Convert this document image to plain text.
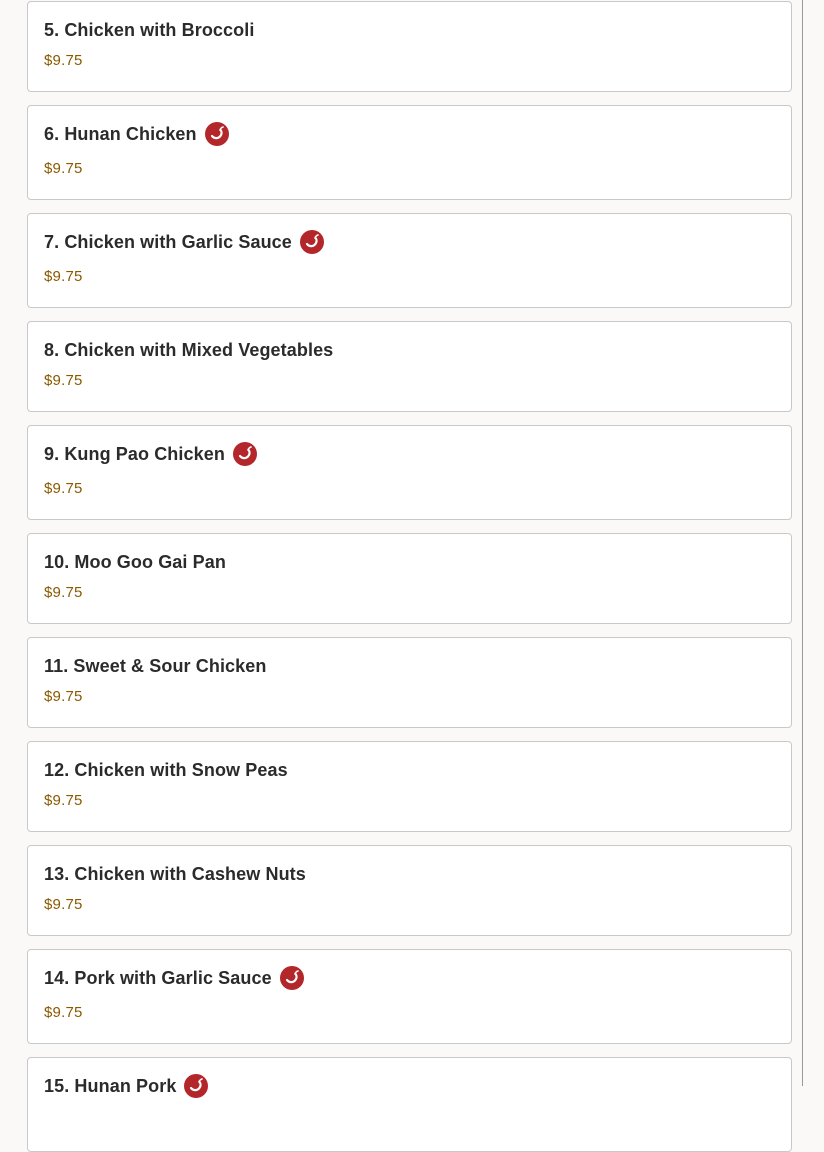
5. Chicken with Broccoli
$9.75
6. Hunan Chicken
$9.75
7. Chicken with Garlic Sauce
$9.75
8. Chicken with Mixed Vegetables
$9.75
9. Kung Pao Chicken
$9.75
10. Moo Goo Gai Pan
$9.75
11. Sweet & Sour Chicken
$9.75
12. Chicken with Snow Peas
$9.75
13. Chicken with Cashew Nuts
$9.75
14. Pork with Garlic Sauce
$9.75
15. Hunan Pork
